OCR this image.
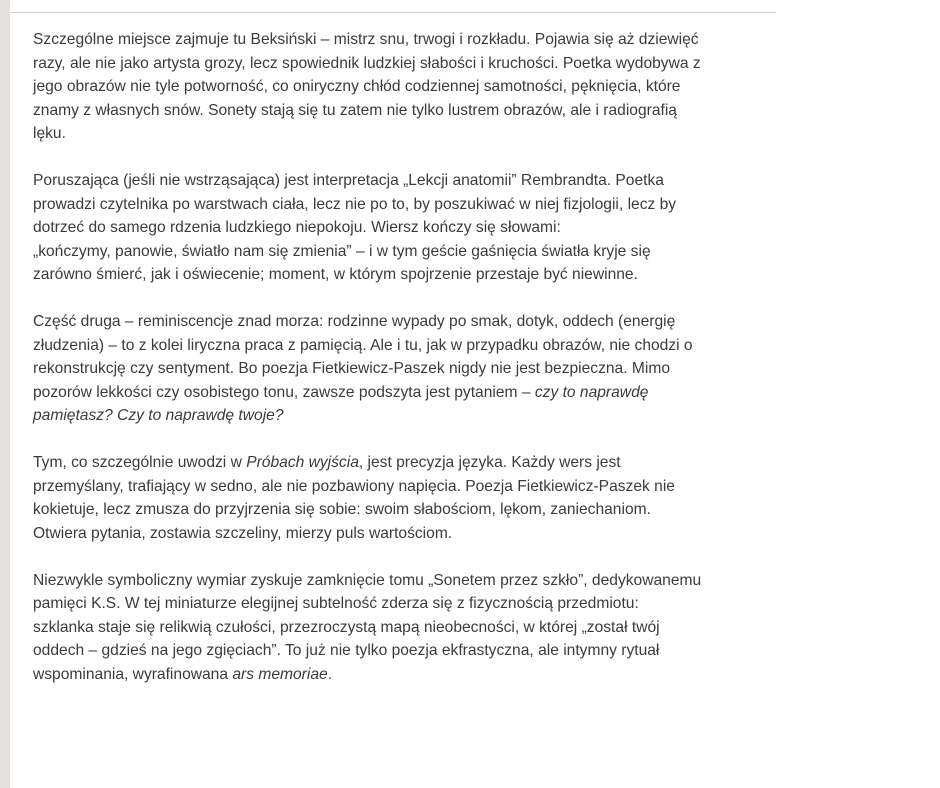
Szczególne miejsce zajmuje tu Beksiński – mistrz snu, trwogi i rozkładu. Pojawia się aż dziewięć
razy, ale nie jako artysta grozy, lecz spowiednik ludzkiej słabości i kruchości. Poetka wydobywa z
jego obrazów nie tyle potworność, co oniryczny chłód codziennej samotności, pęknięcia, które
znamy z własnych snów. Sonety stają się tu zatem nie tylko lustrem obrazów, ale i radiografią
lęku.

Poruszająca (jeśli nie wstrząsająca) jest interpretacja „Lekcji anatomii” Rembrandta. Poetka
prowadzi czytelnika po warstwach ciała, lecz nie po to, by poszukiwać w niej fizjologii, lecz by
dotrzeć do samego rdzenia ludzkiego niepokoju. Wiersz kończy się słowami:
„kończymy, panowie, światło nam się zmienia” – i w tym geście gaśnięcia światła kryje się
zarówno śmierć, jak i oświecenie; moment, w którym spojrzenie przestaje być niewinne.

Część druga – reminiscencje znad morza: rodzinne wypady po smak, dotyk, oddech (energię
złudzenia) – to z kolei liryczna praca z pamięcią. Ale i tu, jak w przypadku obrazów, nie chodzi o
rekonstrukcję czy sentyment. Bo poezja Fietkiewicz-Paszek nigdy nie jest bezpieczna. Mimo
pozorów lekkości czy osobistego tonu, zawsze podszyta jest pytaniem – czy to naprawdę
pamiętasz? Czy to naprawdę twoje?

Tym, co szczególnie uwodzi w Próbach wyjścia, jest precyzja języka. Każdy wers jest
przemyślany, trafiający w sedno, ale nie pozbawiony napięcia. Poezja Fietkiewicz-Paszek nie
kokietuje, lecz zmusza do przyjrzenia się sobie: swoim słabościom, lękom, zaniechaniom.
Otwiera pytania, zostawia szczeliny, mierzy puls wartościom.

Niezwykle symboliczny wymiar zyskuje zamknięcie tomu „Sonetem przez szkło”, dedykowanemu
pamięci K.S. W tej miniaturze elegijnej subtelność zderza się z fizycznością przedmiotu:
szklanka staje się relikwią czułości, przezroczystą mapą nieobecności, w której „został twój
oddech – gdzieś na jego zgięciach”. To już nie tylko poezja ekfrastyczna, ale intymny rytuał
wspominania, wyrafinowana ars memoriae.
